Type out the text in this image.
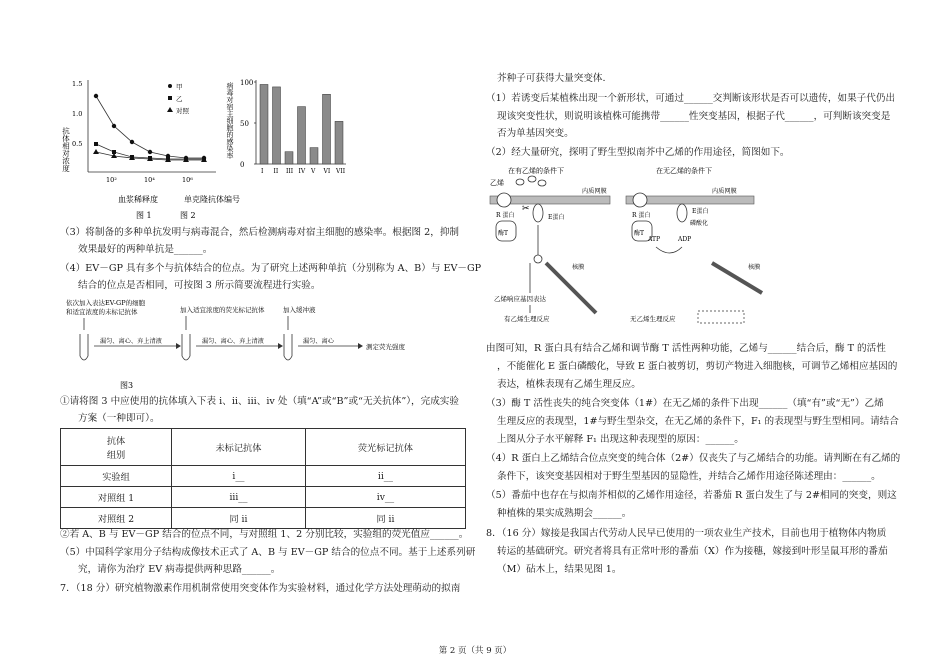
抗体相对浓度
1.5
1.0
0.5
10²	10⁴	10⁶
甲
乙
对照
血浆稀释度
图 1
病毒对宿主细胞的感染率 100
50
0
I II III IV V VI VII
单克隆抗体编号
图 2
（3）将制备的多种单抗发明与病毒混合，然后检测病毒对宿主细胞的感染率。根据图 2，抑制
效果最好的两种单抗是______。
（4）EV－GP 具有多个与抗体结合的位点。为了研究上述两种单抗（分别称为 A、B）与 EV－GP
结合的位点是否相同，可按图 3 所示简要流程进行实验。
依次加入表达EV-GP的细胞
和适宜浓度的未标记抗体	加入适宜浓度的荧光标记抗体	加入缓冲液
漏匀、离心、弃上清液	漏匀、离心、弃上清液	漏匀、离心
测定荧光强度
图3
①请将图 3 中应使用的抗体填入下表 i、ii、iii、iv 处（填“A”或“B”或“无关抗体”），完成实验
方案（一种即可）。
抗体
组别	未标记抗体	荧光标记抗体
实验组	i__	ii__
对照组 1	iii__	iv__
对照组 2	同 ii	同 ii
②若 A、B 与 EV－GP 结合的位点不同，与对照组 1、2 分别比较，实验组的荧光值应______。
（5）中国科学家用分子结构成像技术正式了 A、B 与 EV－GP 结合的位点不同。基于上述系列研
究，请你为治疗 EV 病毒提供两种思路______。
7．（18 分）研究植物激素作用机制常使用突变体作为实验材料，通过化学方法处理萌动的拟南
芥种子可获得大量突变体.
（1）若诱变后某植株出现一个新形状，可通过______交判断该形状是否可以遗传，如果子代仍出
现该突变性状，则说明该植株可能携带______性突变基因，根据子代______，可判断该突变是
否为单基因突变。
（2）经大量研究，探明了野生型拟南芥中乙烯的作用途径，简图如下。
在有乙烯的条件下
乙烯
内质网膜
R 蛋白
酶T
E蛋白
✂
核膜
乙烯响应基因表达
有乙烯生理反应
在无乙烯的条件下
内质网膜
R 蛋白
酶T
E蛋白
磷酸化
ATP	ADP
核膜
无乙烯生理反应
由图可知，R 蛋白具有结合乙烯和调节酶 T 活性两种功能，乙烯与______结合后，酶 T 的活性
，不能催化 E 蛋白磷酸化，导致 E 蛋白被剪切，剪切产物进入细胞核，可调节乙烯相应基因的
表达，植株表现有乙烯生理反应。
（3）酶 T 活性丧失的纯合突变体（1#）在无乙烯的条件下出现______（填“有”或“无”）乙烯
生理反应的表现型，1#与野生型杂交，在无乙烯的条件下，F₁ 的表现型与野生型相同。请结合
上图从分子水平解释 F₁ 出现这种表现型的原因：______。
（4）R 蛋白上乙烯结合位点突变的纯合体（2#）仅丧失了与乙烯结合的功能。请判断在有乙烯的
条件下，该突变基因相对于野生型基因的显隐性，并结合乙烯作用途径陈述理由：______。
（5）番茄中也存在与拟南芥相似的乙烯作用途径，若番茄 R 蛋白发生了与 2#相同的突变，则这
种植株的果实成熟期会______。
8．（16 分）嫁接是我国古代劳动人民早已使用的一项农业生产技术，目前也用于植物体内物质
转运的基础研究。研究者将具有正常叶形的番茄（X）作为接穗，嫁接到叶形呈鼠耳形的番茄
（M）砧木上，结果见图 1。
第 2 页（共 9 页）
